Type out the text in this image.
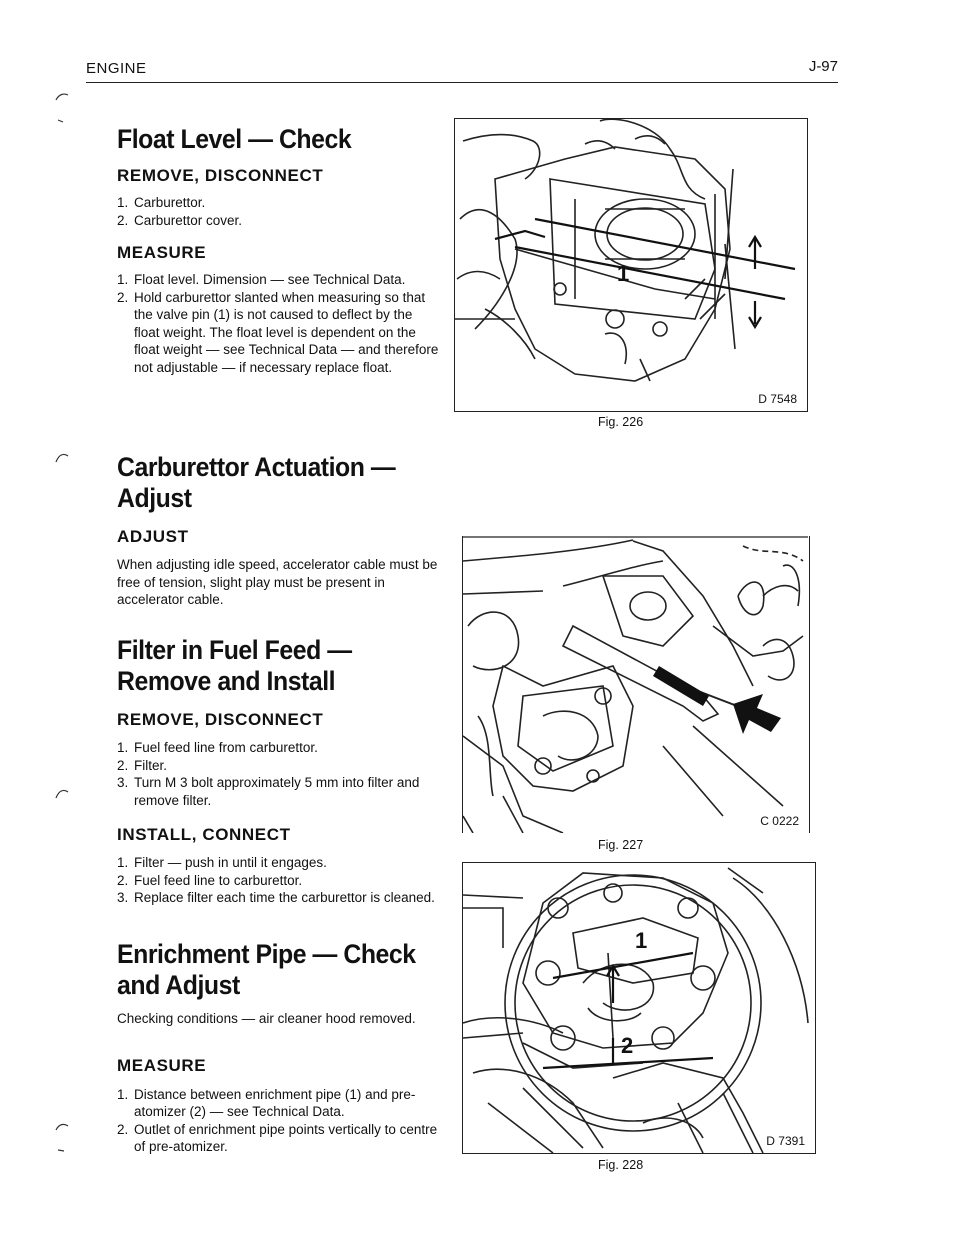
ENGINE	J-97
Float Level — Check
REMOVE, DISCONNECT
1. Carburettor.
2. Carburettor cover.
MEASURE
1. Float level. Dimension — see Technical Data.
2. Hold carburettor slanted when measuring so that the valve pin (1) is not caused to deflect by the float weight. The float level is dependent on the float weight — see Technical Data — and therefore not adjustable — if necessary replace float.
Carburettor Actuation —
Adjust
ADJUST

When adjusting idle speed, accelerator cable must be free of tension, slight play must be present in accelerator cable.

Filter in Fuel Feed —
Remove and Install
REMOVE, DISCONNECT
1. Fuel feed line from carburettor.
2. Filter.
3. Turn M 3 bolt approximately 5 mm into filter and remove filter.
INSTALL, CONNECT
1. Filter — push in until it engages.
2. Fuel feed line to carburettor.
3. Replace filter each time the carburettor is cleaned.
Enrichment Pipe — Check
and Adjust

Checking conditions — air cleaner hood removed.

MEASURE
1. Distance between enrichment pipe (1) and pre-atomizer (2) — see Technical Data.
2. Outlet of enrichment pipe points vertically to centre of pre-atomizer.
1
D 7548
Fig. 226
C 0222
Fig. 227
1
2
D 7391
Fig. 228
